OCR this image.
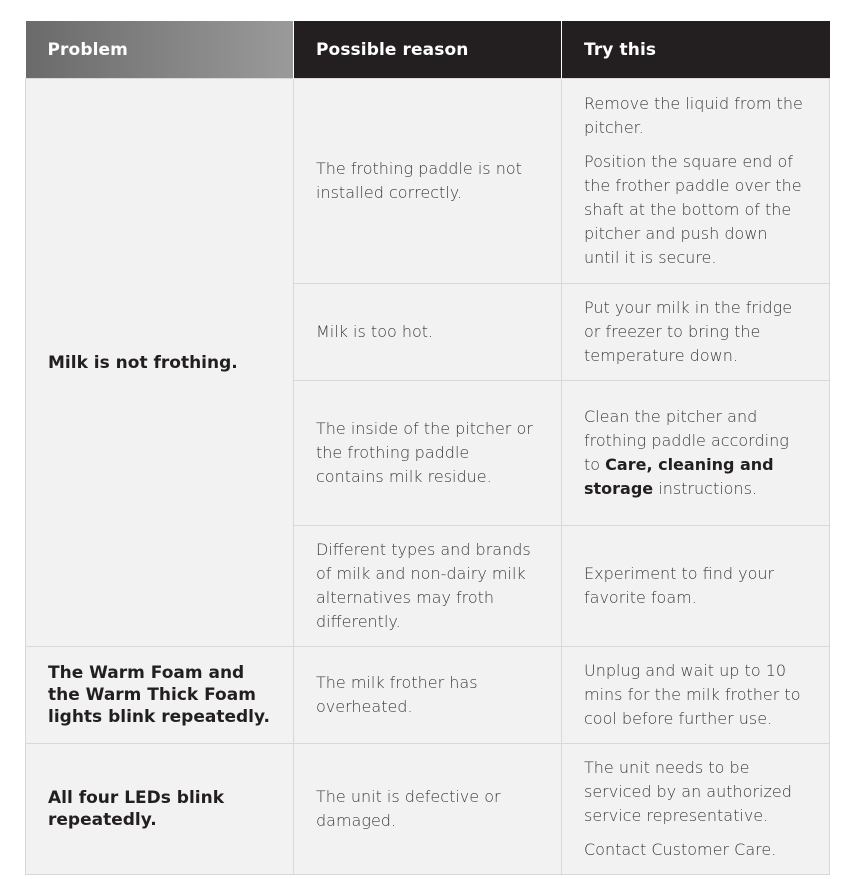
Problem	Possible reason	Try this
Milk is not frothing.	The frothing paddle is not installed correctly.	Remove the liquid from the pitcher.

Position the square end of the frother paddle over the shaft at the bottom of the pitcher and push down until it is secure.

	Milk is too hot.	Put your milk in the fridge or freezer to bring the temperature down.
	The inside of the pitcher or the frothing paddle contains milk residue.	Clean the pitcher and frothing paddle according to Care, cleaning and storage instructions.
	Different types and brands of milk and non-dairy milk alternatives may froth differently.	Experiment to find your favorite foam.
The Warm Foam and the Warm Thick Foam lights blink repeatedly.	The milk frother has overheated.	Unplug and wait up to 10 mins for the milk frother to cool before further use.
All four LEDs blink repeatedly.	The unit is defective or damaged.	The unit needs to be serviced by an authorized service representative.

Contact Customer Care.
